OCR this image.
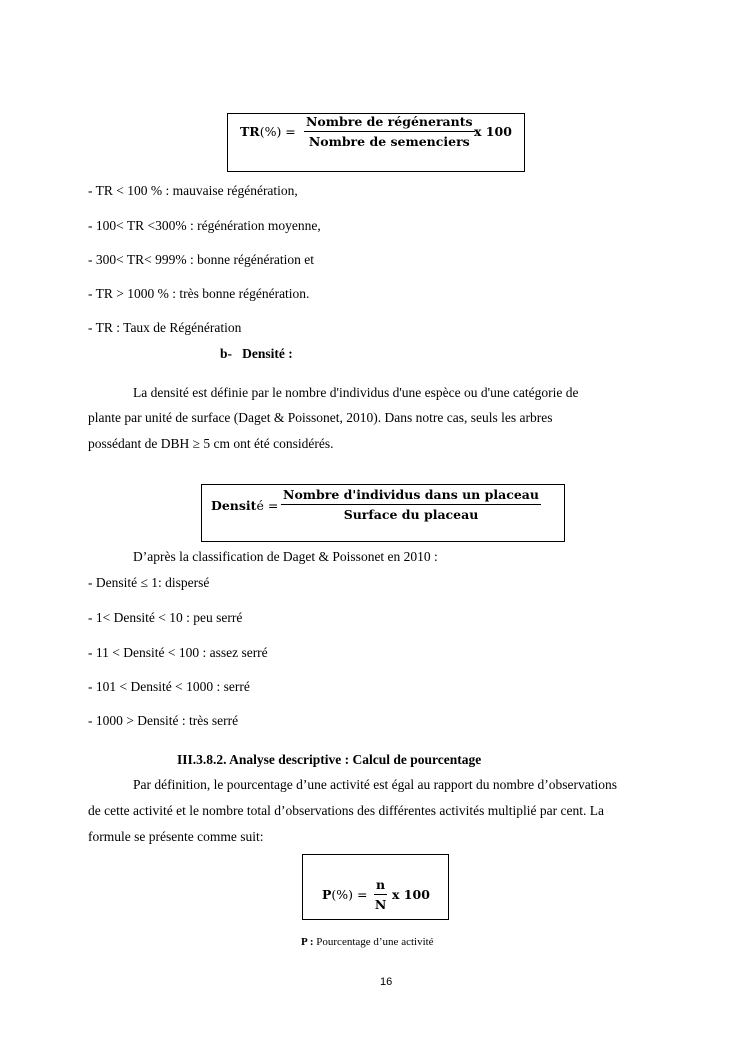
TR(%) =
Nombre de régénerants
Nombre de semenciers
x 100
- TR < 100 % : mauvaise régénération,
- 100< TR <300% : régénération moyenne,
- 300< TR< 999% : bonne régénération et
- TR > 1000 % : très bonne régénération.
- TR : Taux de Régénération
b-   Densité :
La densité est définie par le nombre d'individus d'une espèce ou d'une catégorie de
plante par unité de surface (Daget & Poissonet, 2010). Dans notre cas, seuls les arbres
possédant de DBH ≥ 5 cm ont été considérés.
Densité =
Nombre d'individus dans un placeau
Surface du placeau
D’après la classification de Daget & Poissonet en 2010 :
- Densité ≤ 1: dispersé
- 1< Densité < 10 : peu serré
- 11 < Densité < 100 : assez serré
- 101 < Densité < 1000 : serré
- 1000 > Densité : très serré
III.3.8.2. Analyse descriptive : Calcul de pourcentage
Par définition, le pourcentage d’une activité est égal au rapport du nombre d’observations
de cette activité et le nombre total d’observations des différentes activités multiplié par cent. La
formule se présente comme suit:
$P(\%) = \frac{n}{N}$ x 100
P : Pourcentage d’une activité
16
